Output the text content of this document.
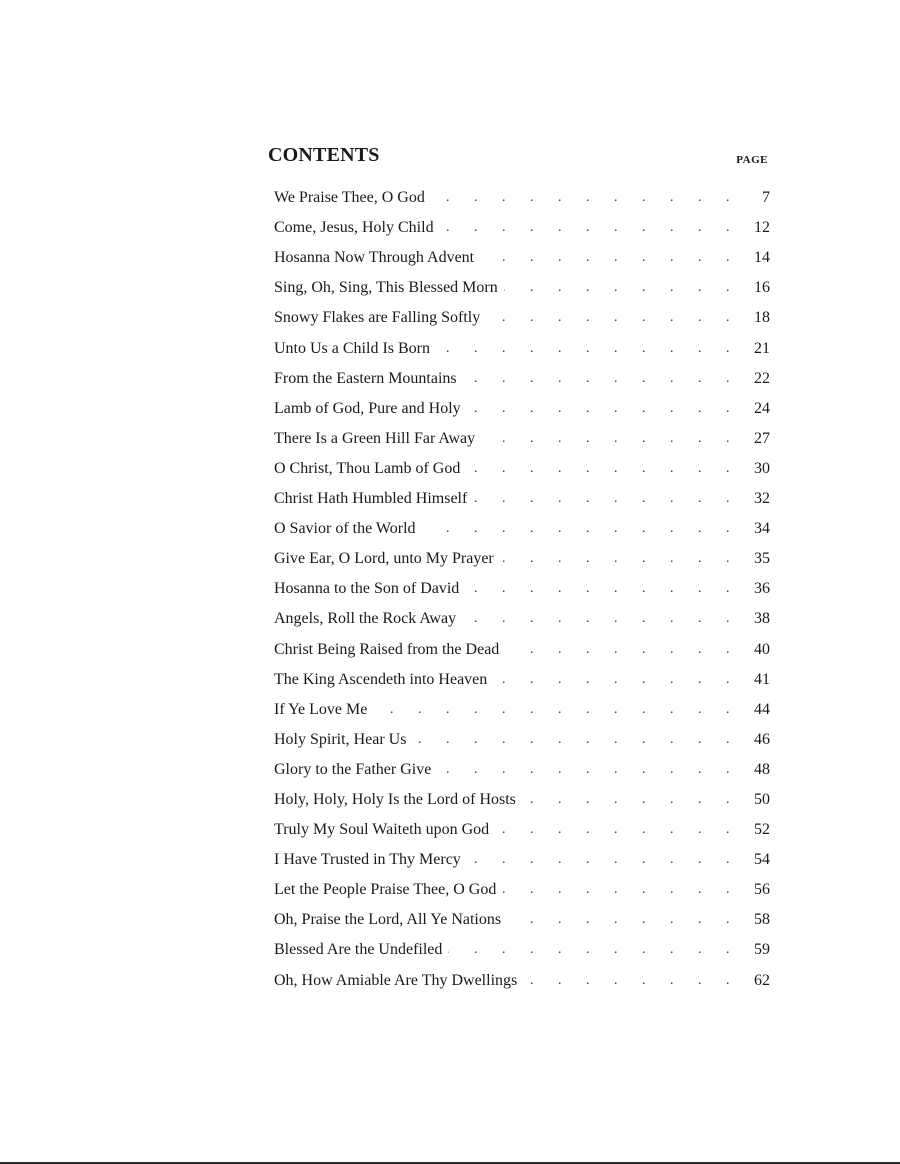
CONTENTS	PAGE
We Praise Thee, O God . . .	7
Come, Jesus, Holy Child . . .	12
Hosanna Now Through Advent . . .	14
Sing, Oh, Sing, This Blessed Morn . . .	16
Snowy Flakes are Falling Softly . . .	18
Unto Us a Child Is Born . . .	21
From the Eastern Mountains . . .	22
Lamb of God, Pure and Holy . . .	24
There Is a Green Hill Far Away . . .	27
O Christ, Thou Lamb of God . . .	30
Christ Hath Humbled Himself . . .	32
O Savior of the World . . .	34
Give Ear, O Lord, unto My Prayer . . .	35
Hosanna to the Son of David . . .	36
Angels, Roll the Rock Away . . .	38
Christ Being Raised from the Dead . . .	40
The King Ascendeth into Heaven . . .	41
If Ye Love Me . . .	44
Holy Spirit, Hear Us . . .	46
Glory to the Father Give . . .	48
Holy, Holy, Holy Is the Lord of Hosts . . .	50
Truly My Soul Waiteth upon God . . .	52
I Have Trusted in Thy Mercy . . .	54
Let the People Praise Thee, O God . . .	56
Oh, Praise the Lord, All Ye Nations . . .	58
Blessed Are the Undefiled . . .	59
Oh, How Amiable Are Thy Dwellings . . .	62
